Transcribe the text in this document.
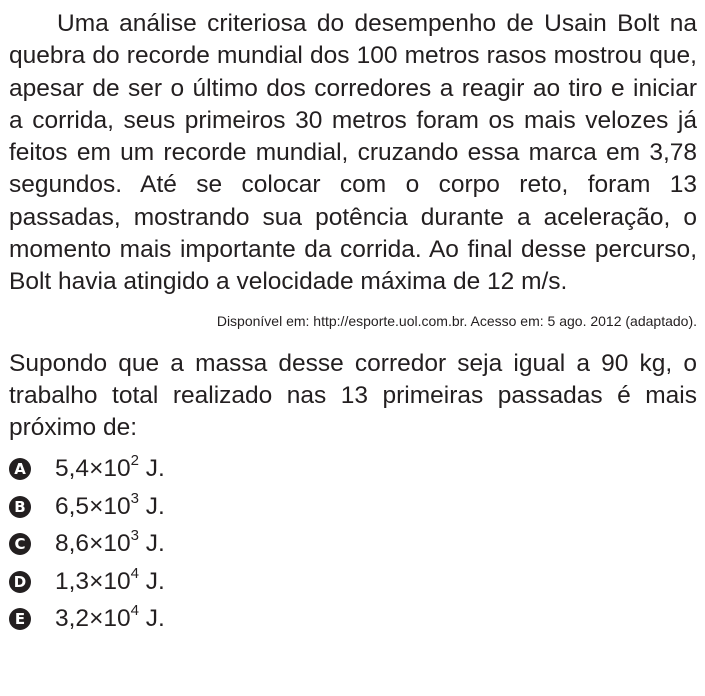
Uma análise criteriosa do desempenho de Usain Bolt na quebra do recorde mundial dos 100 metros rasos mostrou que, apesar de ser o último dos corredores a reagir ao tiro e iniciar a corrida, seus primeiros 30 metros foram os mais velozes já feitos em um recorde mundial, cruzando essa marca em 3,78 segundos. Até se colocar com o corpo reto, foram 13 passadas, mostrando sua potência durante a aceleração, o momento mais importante da corrida. Ao final desse percurso, Bolt havia atingido a velocidade máxima de 12 m/s.

Disponível em: http://esporte.uol.com.br. Acesso em: 5 ago. 2012 (adaptado).

Supondo que a massa desse corredor seja igual a 90 kg, o trabalho total realizado nas 13 primeiras passadas é mais próximo de:

A $5,4\times 10^2$ J.
B $6,5\times 10^3$ J.
C $8,6\times 10^3$ J.
D $1,3\times 10^4$ J.
E $3,2\times 10^4$ J.
